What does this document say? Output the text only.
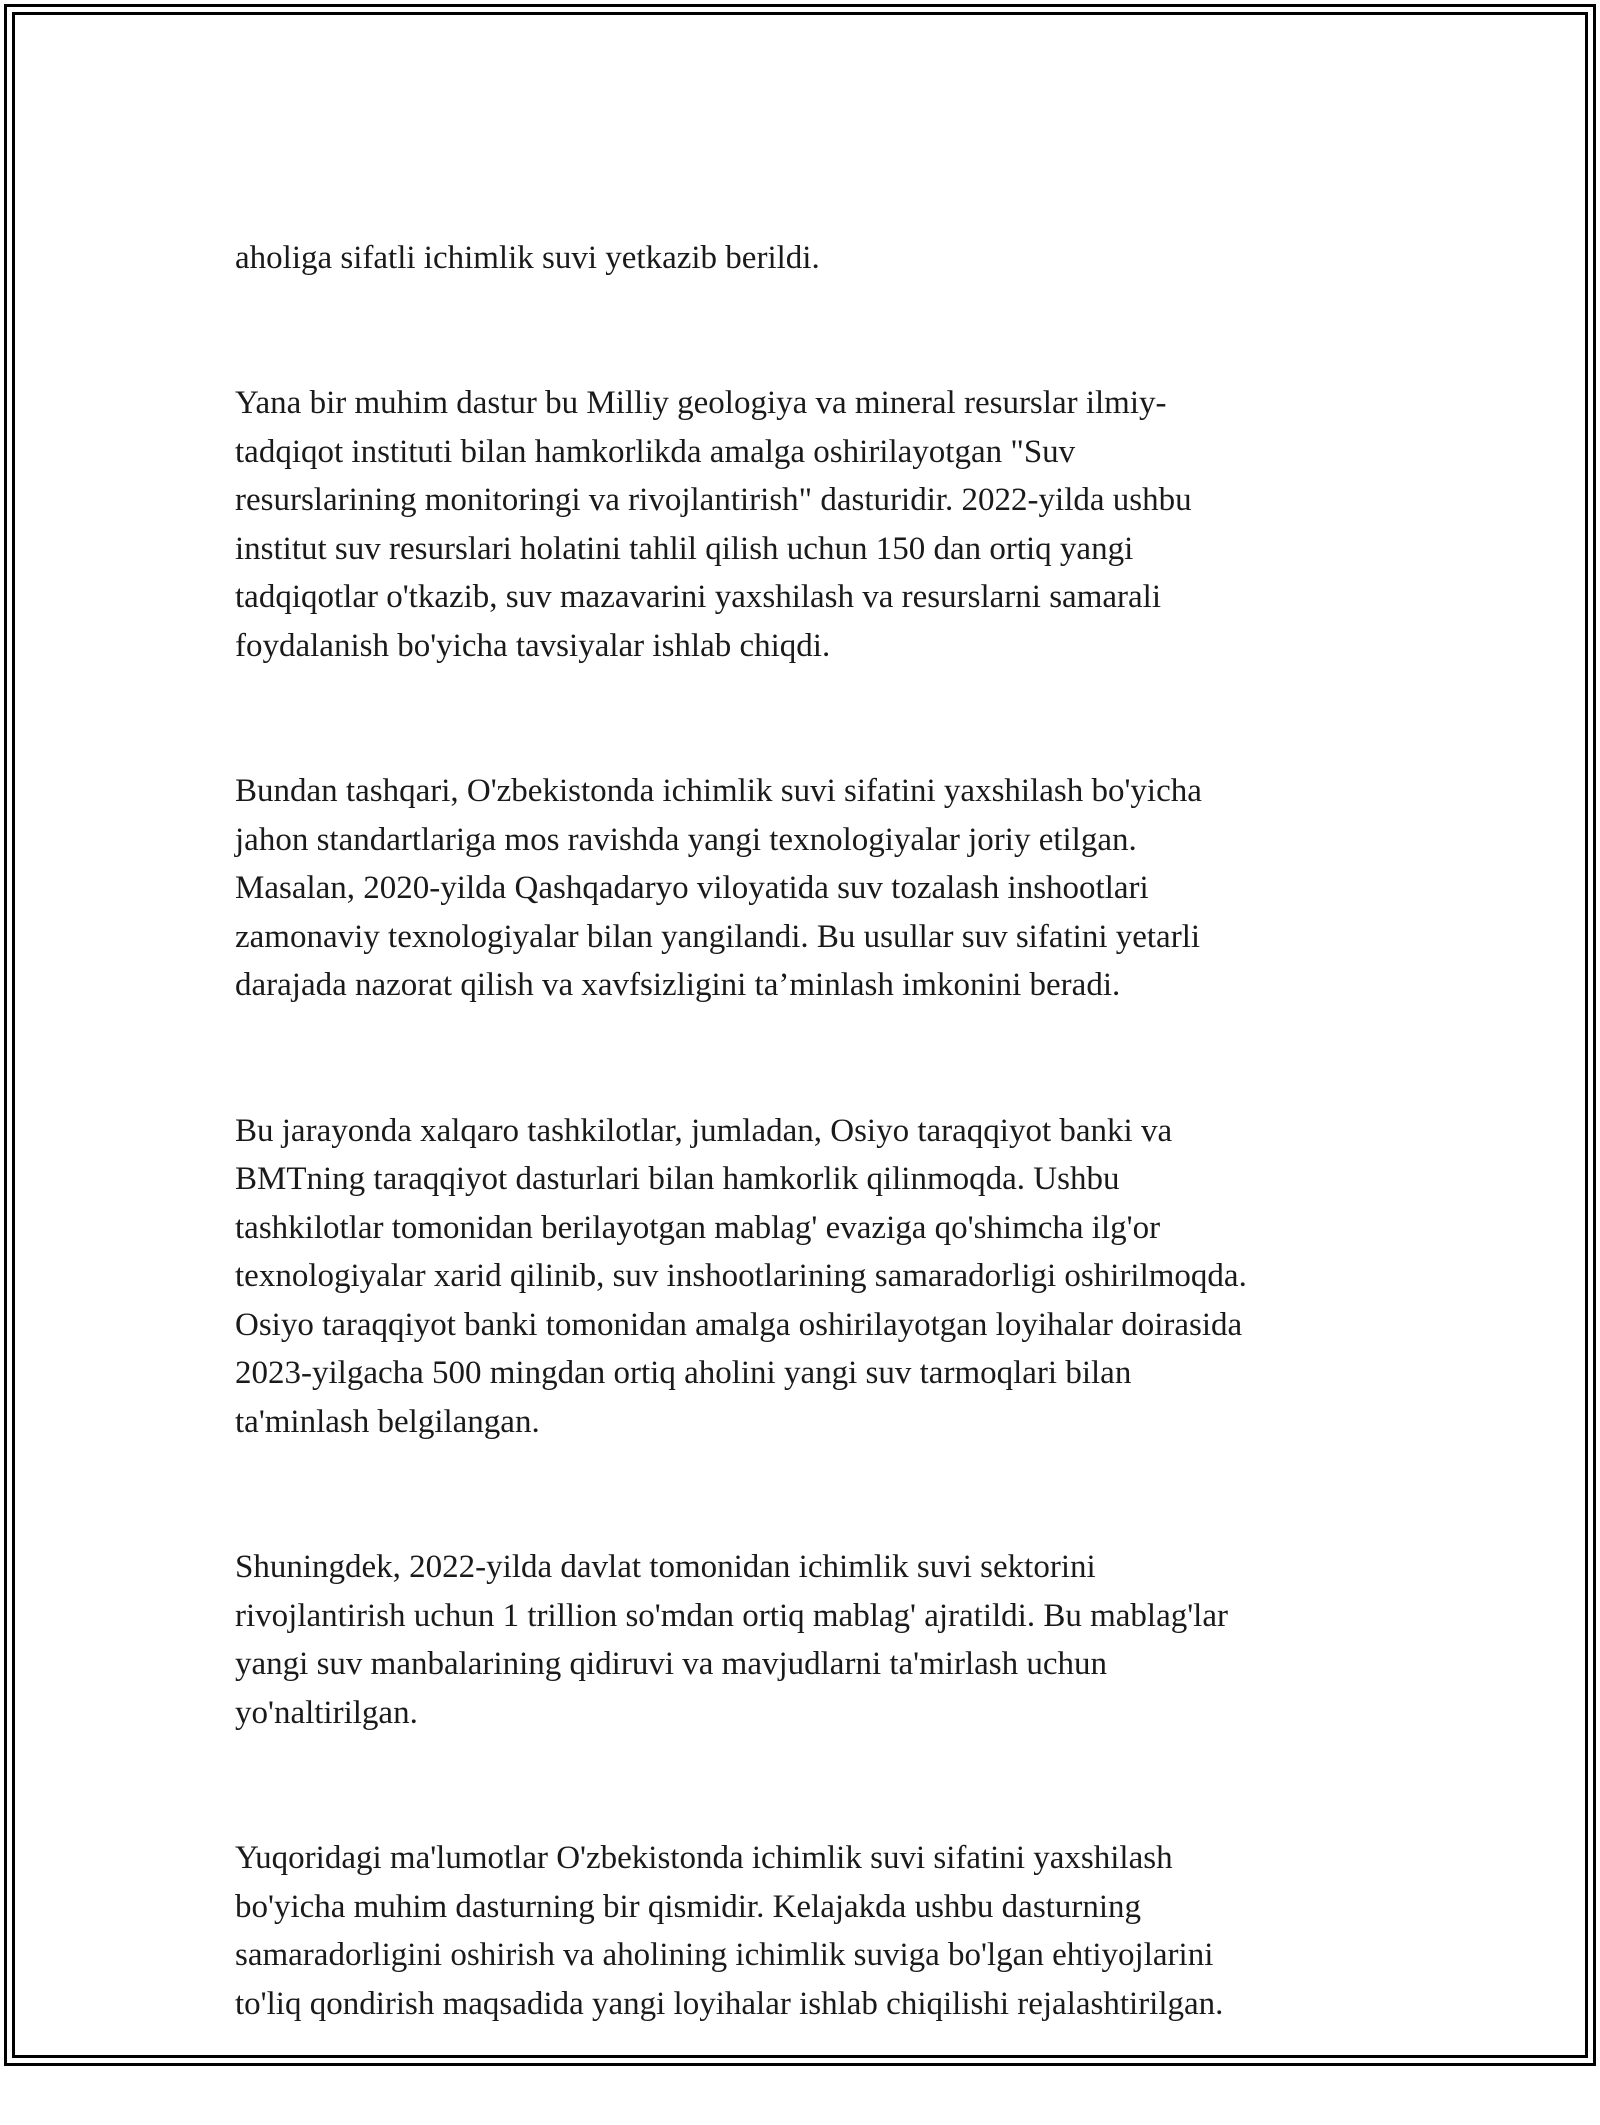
aholiga sifatli ichimlik suvi yetkazib berildi.

Yana bir muhim dastur bu Milliy geologiya va mineral resurslar ilmiy-
tadqiqot instituti bilan hamkorlikda amalga oshirilayotgan "Suv
resurslarining monitoringi va rivojlantirish" dasturidir. 2022-yilda ushbu
institut suv resurslari holatini tahlil qilish uchun 150 dan ortiq yangi
tadqiqotlar o'tkazib, suv mazavarini yaxshilash va resurslarni samarali
foydalanish bo'yicha tavsiyalar ishlab chiqdi.

Bundan tashqari, O'zbekistonda ichimlik suvi sifatini yaxshilash bo'yicha
jahon standartlariga mos ravishda yangi texnologiyalar joriy etilgan.
Masalan, 2020-yilda Qashqadaryo viloyatida suv tozalash inshootlari
zamonaviy texnologiyalar bilan yangilandi. Bu usullar suv sifatini yetarli
darajada nazorat qilish va xavfsizligini ta’minlash imkonini beradi.

Bu jarayonda xalqaro tashkilotlar, jumladan, Osiyo taraqqiyot banki va
BMTning taraqqiyot dasturlari bilan hamkorlik qilinmoqda. Ushbu
tashkilotlar tomonidan berilayotgan mablag' evaziga qo'shimcha ilg'or
texnologiyalar xarid qilinib, suv inshootlarining samaradorligi oshirilmoqda.
Osiyo taraqqiyot banki tomonidan amalga oshirilayotgan loyihalar doirasida
2023-yilgacha 500 mingdan ortiq aholini yangi suv tarmoqlari bilan
ta'minlash belgilangan.

Shuningdek, 2022-yilda davlat tomonidan ichimlik suvi sektorini
rivojlantirish uchun 1 trillion so'mdan ortiq mablag' ajratildi. Bu mablag'lar
yangi suv manbalarining qidiruvi va mavjudlarni ta'mirlash uchun
yo'naltirilgan.

Yuqoridagi ma'lumotlar O'zbekistonda ichimlik suvi sifatini yaxshilash
bo'yicha muhim dasturning bir qismidir. Kelajakda ushbu dasturning
samaradorligini oshirish va aholining ichimlik suviga bo'lgan ehtiyojlarini
to'liq qondirish maqsadida yangi loyihalar ishlab chiqilishi rejalashtirilgan.
